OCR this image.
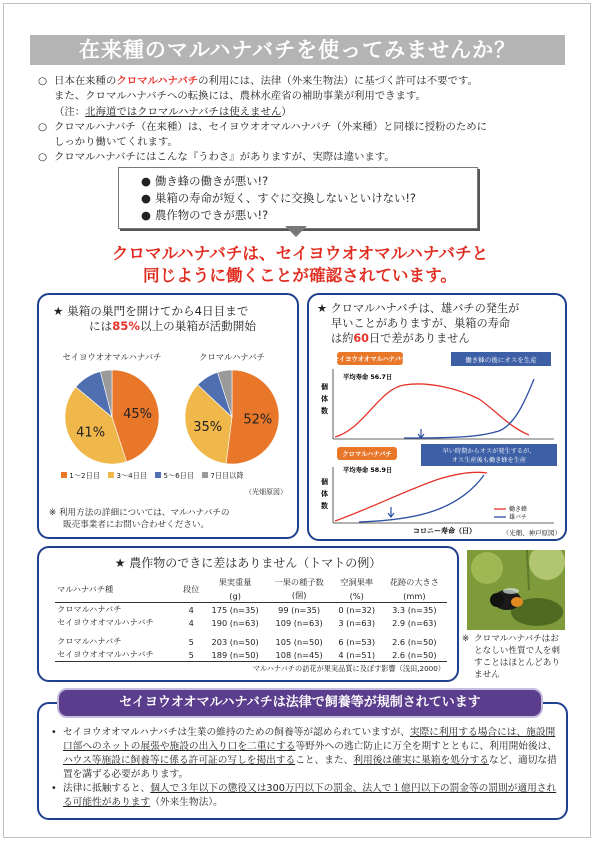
在来種のマルハナバチを使ってみませんか？
○ 日本在来種のクロマルハナバチの利用には、法律（外来生物法）に基づく許可は不要です。
また、クロマルハナバチへの転換には、農林水産省の補助事業が利用できます。
（注：北海道ではクロマルハナバチは使えません）
○ クロマルハナバチ（在来種）は、セイヨウオオマルハナバチ（外来種）と同様に授粉のために
しっかり働いてくれます。
○ クロマルハナバチにはこんな『うわさ』がありますが、実際は違います。
● 働き蜂の働きが悪い!?
● 巣箱の寿命が短く、すぐに交換しないといけない!?
● 農作物のできが悪い!?
クロマルハナバチは、セイヨウオオマルハナバチと
同じように働くことが確認されています。
★ 巣箱の巣門を開けてから4日目まで
には85%以上の巣箱が活動開始
セイヨウオオマルハナバチ	クロマルハナバチ
45%
41%
52%
35%
1～2日目	3～4日目	5～6日目	7日目以降
（光畑原図）
※ 利用方法の詳細については、マルハナバチの
販売事業者にお問い合わせください。
★ クロマルハナバチは、雄バチの発生が
早いことがありますが、巣箱の寿命
は約60日で差がありません
セイヨウオオマルハナバチ	働き蜂の後にオスを生産
平均寿命 56.7日
個
体
数
クロマルハナバチ	早い時期からオスが発生するが、
オス生産後も働き蜂を生産
平均寿命 58.9日
個
体
数	働き蜂
雄バチ
コロニー寿命（日）	（光畑、神戸原図）
★ 農作物のできに差はありません（トマトの例）
マルハナバチ種	段位	果実重量	一果の種子数	空洞果率	花跡の大きさ
		(g)	(個)	(%)	(mm)
クロマルハナバチ	4	175 (n=35)	99 (n=35)	0 (n=32)	3.3 (n=35)
セイヨウオオマルハナバチ	4	190 (n=63)	109 (n=63)	3 (n=63)	2.9 (n=63)

クロマルハナバチ	5	203 (n=50)	105 (n=50)	6 (n=53)	2.6 (n=50)
セイヨウオオマルハナバチ	5	189 (n=50)	108 (n=45)	4 (n=51)	2.6 (n=50)
マルハナバチの訪花が果実品質に及ぼす影響（浅田,2000）
※ クロマルハナバチはおとなしい性質で人を刺すことはほとんどありません
• セイヨウオオマルハナバチは生業の維持のための飼養等が認められていますが、実際に利用する場合には、施設開口部へのネットの展張や施設の出入り口を二重にする等野外への逃亡防止に万全を期すとともに、利用開始後は、ハウス等施設に飼養等に係る許可証の写しを掲出すること、また、利用後は確実に巣箱を処分するなど、適切な措置を講ずる必要があります。
• 法律に抵触すると、個人で３年以下の懲役又は300万円以下の罰金、法人で１億円以下の罰金等の罰則が適用される可能性があります（外来生物法）。
セイヨウオオマルハナバチは法律で飼養等が規制されています
